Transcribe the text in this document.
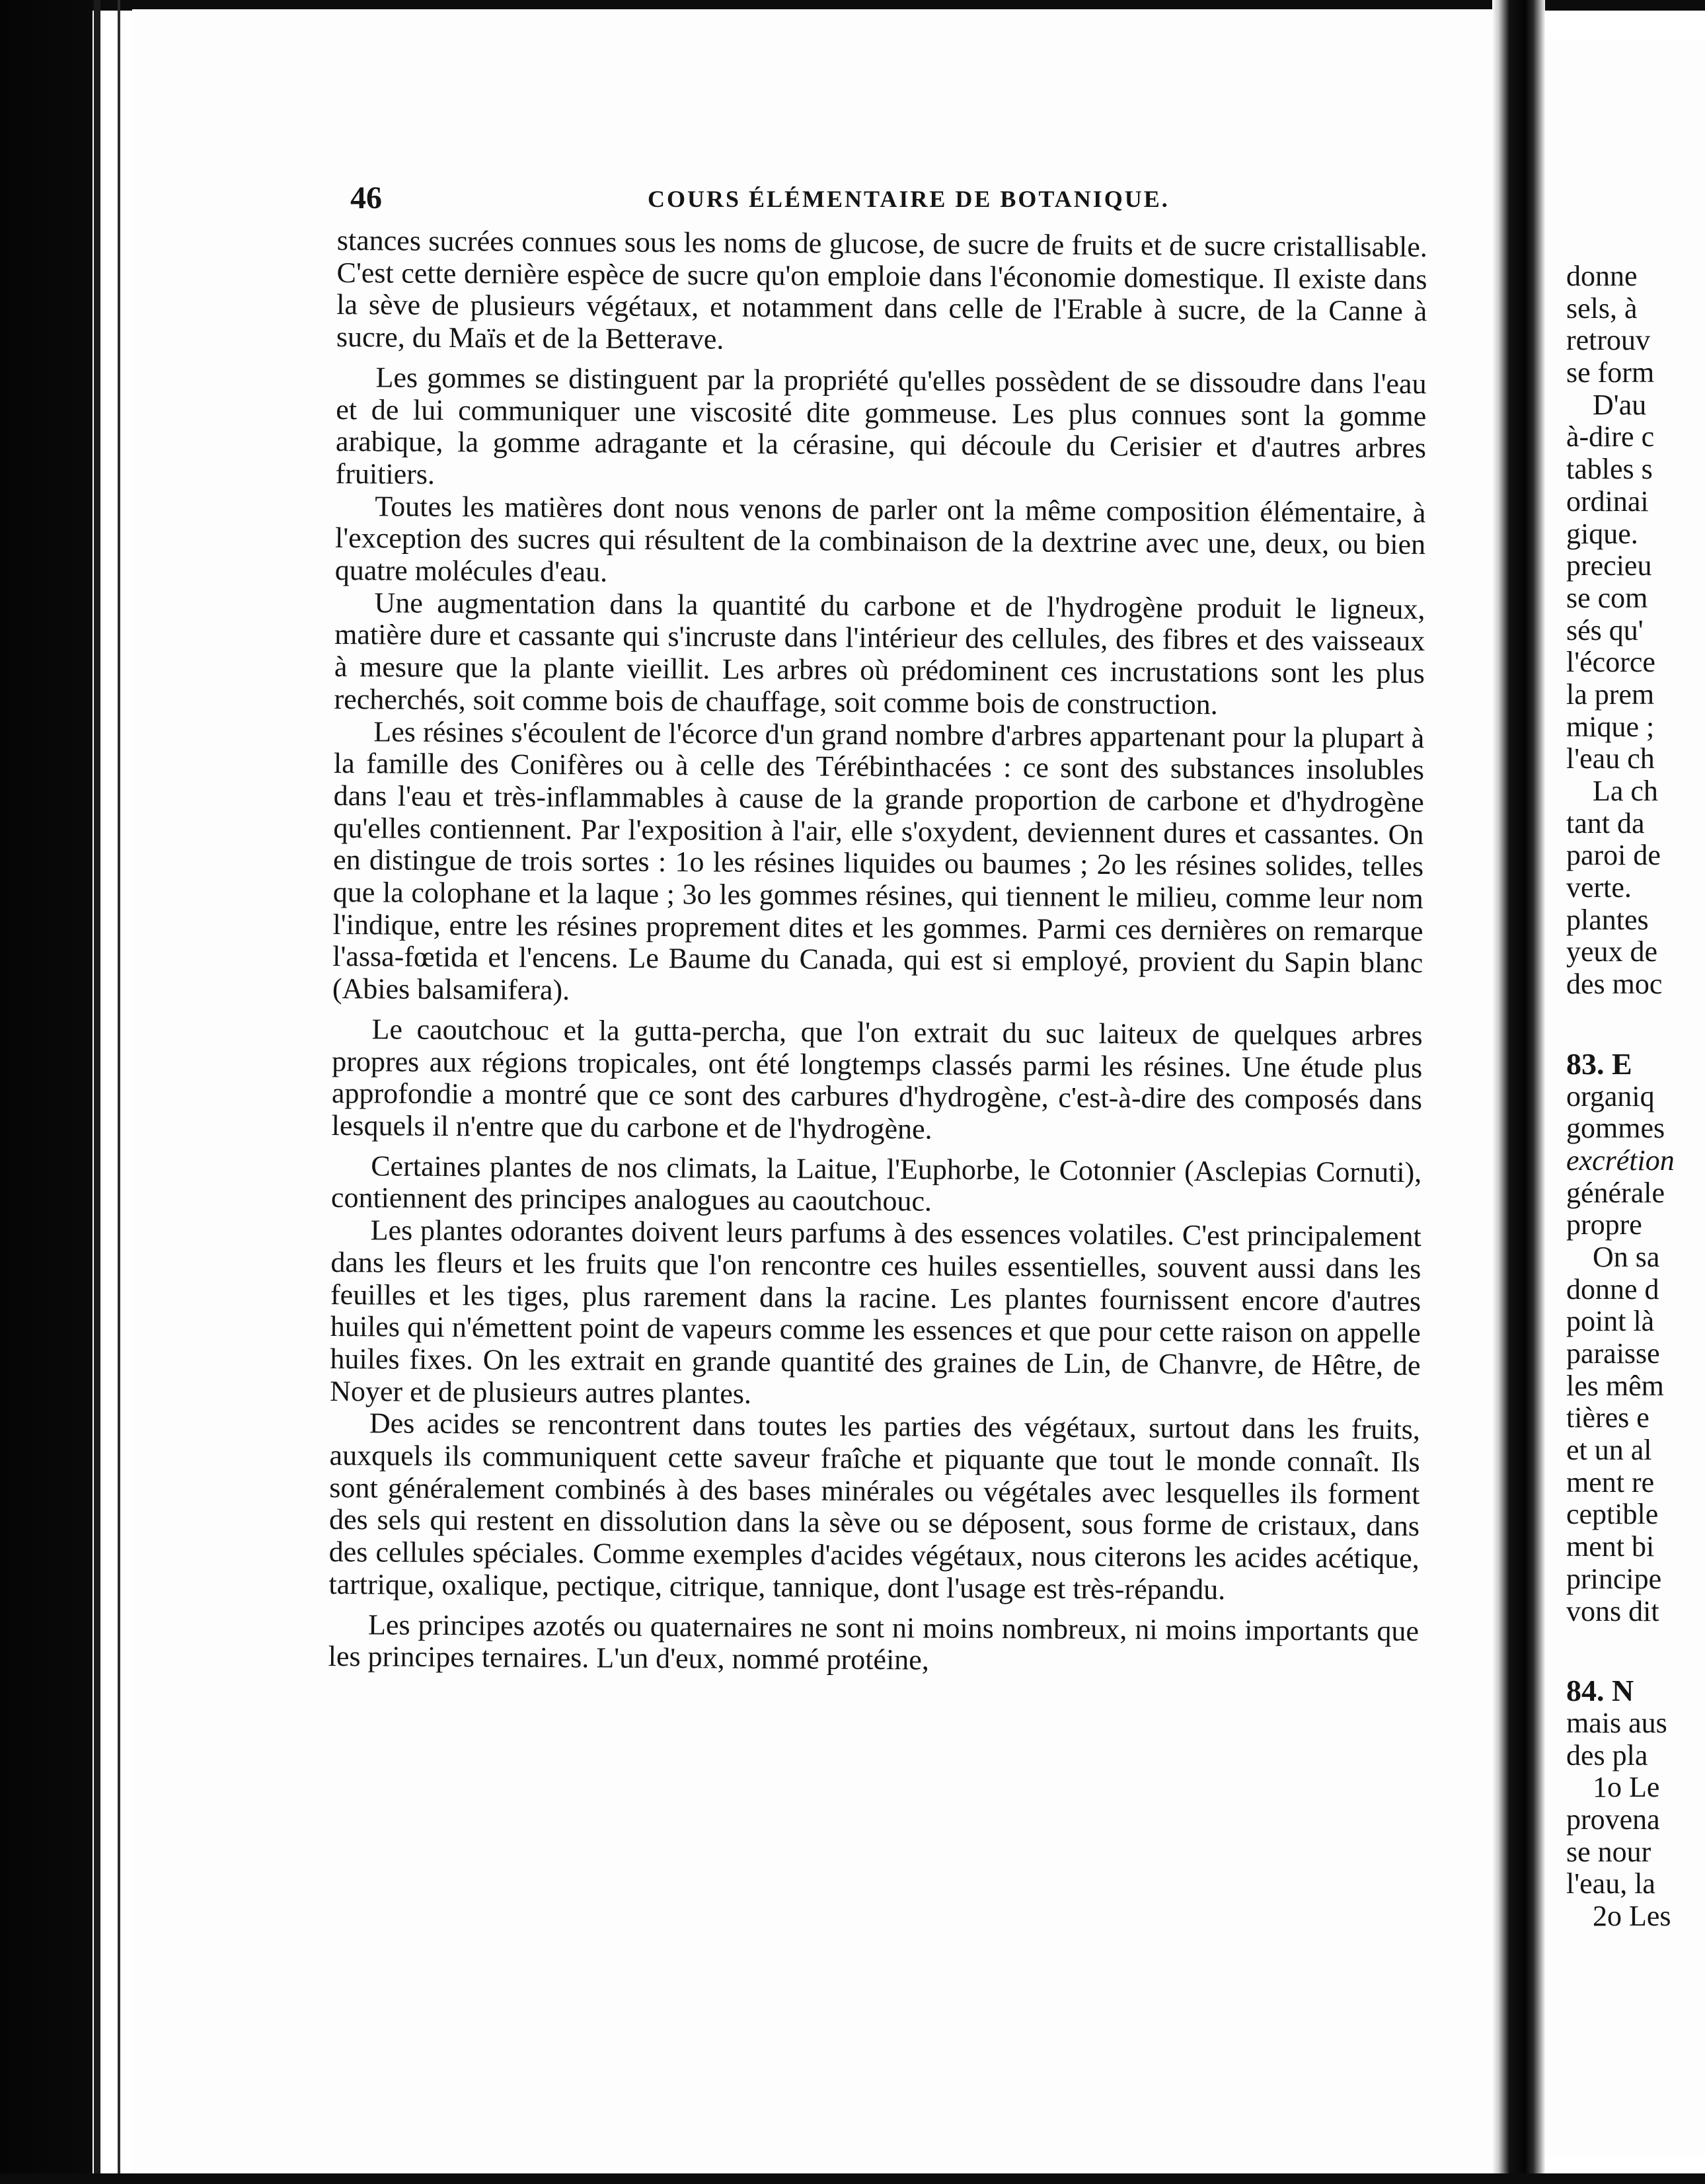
46	COURS ÉLÉMENTAIRE DE BOTANIQUE.

stances sucrées connues sous les noms de glucose, de sucre de fruits et de sucre cristallisable. C'est cette dernière espèce de sucre qu'on emploie dans l'économie domestique. Il existe dans la sève de plusieurs végétaux, et notamment dans celle de l'Erable à sucre, de la Canne à sucre, du Maïs et de la Betterave.

Les gommes se distinguent par la propriété qu'elles possèdent de se dissoudre dans l'eau et de lui communiquer une viscosité dite gommeuse. Les plus connues sont la gomme arabique, la gomme adragante et la cérasine, qui découle du Cerisier et d'autres arbres fruitiers.

Toutes les matières dont nous venons de parler ont la même composition élémentaire, à l'exception des sucres qui résultent de la combinaison de la dextrine avec une, deux, ou bien quatre molécules d'eau.

Une augmentation dans la quantité du carbone et de l'hydrogène produit le ligneux, matière dure et cassante qui s'incruste dans l'intérieur des cellules, des fibres et des vaisseaux à mesure que la plante vieillit. Les arbres où prédominent ces incrustations sont les plus recherchés, soit comme bois de chauffage, soit comme bois de construction.

Les résines s'écoulent de l'écorce d'un grand nombre d'arbres appartenant pour la plupart à la famille des Conifères ou à celle des Térébinthacées : ce sont des substances insolubles dans l'eau et très-inflammables à cause de la grande proportion de carbone et d'hydrogène qu'elles contiennent. Par l'exposition à l'air, elle s'oxydent, deviennent dures et cassantes. On en distingue de trois sortes : 1o les résines liquides ou baumes ; 2o les résines solides, telles que la colophane et la laque ; 3o les gommes résines, qui tiennent le milieu, comme leur nom l'indique, entre les résines proprement dites et les gommes. Parmi ces dernières on remarque l'assa-fœtida et l'encens. Le Baume du Canada, qui est si employé, provient du Sapin blanc (Abies balsamifera).

Le caoutchouc et la gutta-percha, que l'on extrait du suc laiteux de quelques arbres propres aux régions tropicales, ont été longtemps classés parmi les résines. Une étude plus approfondie a montré que ce sont des carbures d'hydrogène, c'est-à-dire des composés dans lesquels il n'entre que du carbone et de l'hydrogène.

Certaines plantes de nos climats, la Laitue, l'Euphorbe, le Cotonnier (Asclepias Cornuti), contiennent des principes analogues au caoutchouc.

Les plantes odorantes doivent leurs parfums à des essences volatiles. C'est principalement dans les fleurs et les fruits que l'on rencontre ces huiles essentielles, souvent aussi dans les feuilles et les tiges, plus rarement dans la racine. Les plantes fournissent encore d'autres huiles qui n'émettent point de vapeurs comme les essences et que pour cette raison on appelle huiles fixes. On les extrait en grande quantité des graines de Lin, de Chanvre, de Hêtre, de Noyer et de plusieurs autres plantes.

Des acides se rencontrent dans toutes les parties des végétaux, surtout dans les fruits, auxquels ils communiquent cette saveur fraîche et piquante que tout le monde connaît. Ils sont généralement combinés à des bases minérales ou végétales avec lesquelles ils forment des sels qui restent en dissolution dans la sève ou se déposent, sous forme de cristaux, dans des cellules spéciales. Comme exemples d'acides végétaux, nous citerons les acides acétique, tartrique, oxalique, pectique, citrique, tannique, dont l'usage est très-répandu.

Les principes azotés ou quaternaires ne sont ni moins nombreux, ni moins importants que les principes ternaires. L'un d'eux, nommé protéine,

donne
sels, à
retrouv
se form
D'au
à-dire c
tables s
ordinai
gique.
precieu
se com
sés qu'
l'écorce
la prem
mique ;
l'eau ch
La ch
tant da
paroi de
verte.
plantes
yeux de
des moc
83. E
organiq
gommes
excrétion
générale
propre
On sa
donne d
point là
paraisse
les mêm
tières e
et un al
ment re
ceptible
ment bi
principe
vons dit
84. N
mais aus
des pla
1o Le
provena
se nour
l'eau, la
2o Les
